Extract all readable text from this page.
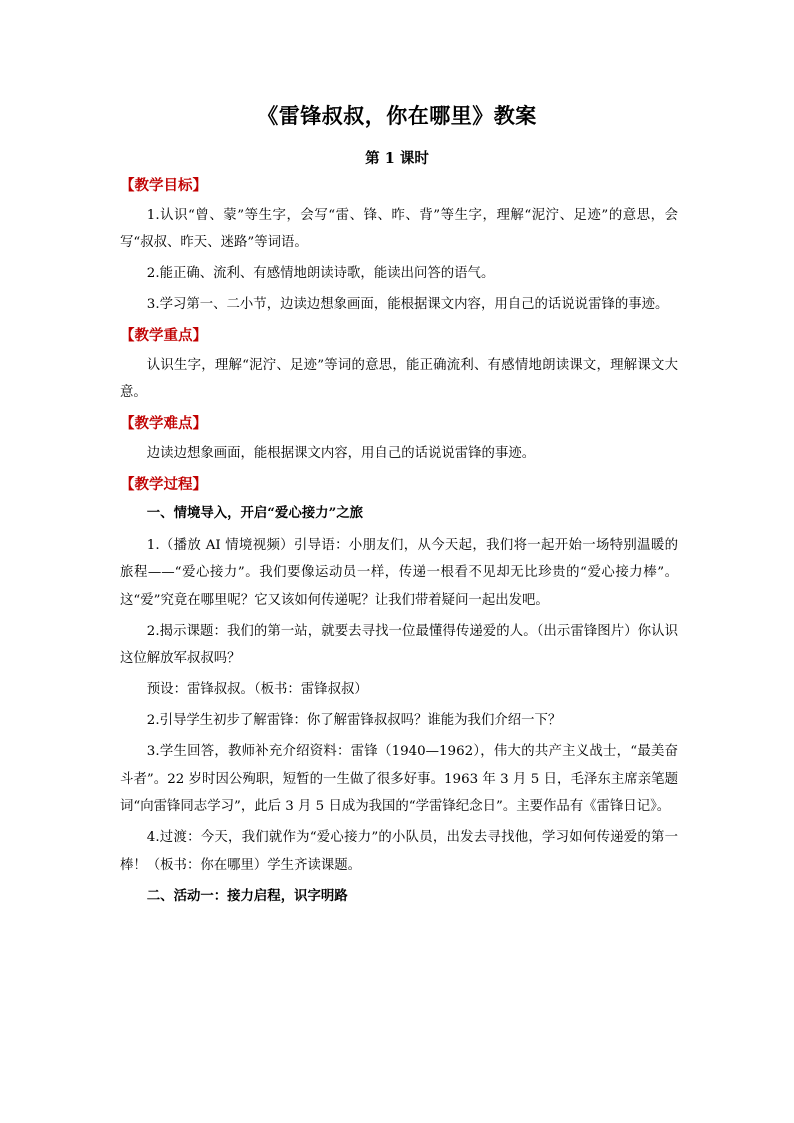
《雷锋叔叔，你在哪里》教案
第 1 课时

【教学目标】

1.认识“曾、蒙”等生字，会写“雷、锋、昨、背”等生字，理解“泥泞、足迹”的意思，会写“叔叔、昨天、迷路”等词语。

2.能正确、流利、有感情地朗读诗歌，能读出问答的语气。

3.学习第一、二小节，边读边想象画面，能根据课文内容，用自己的话说说雷锋的事迹。

【教学重点】

认识生字，理解“泥泞、足迹”等词的意思，能正确流利、有感情地朗读课文，理解课文大意。

【教学难点】

边读边想象画面，能根据课文内容，用自己的话说说雷锋的事迹。

【教学过程】

一、情境导入，开启“爱心接力”之旅

1.（播放 AI 情境视频）引导语：小朋友们，从今天起，我们将一起开始一场特别温暖的旅程——“爱心接力”。我们要像运动员一样，传递一根看不见却无比珍贵的“爱心接力棒”。这“爱”究竟在哪里呢？它又该如何传递呢？让我们带着疑问一起出发吧。

2.揭示课题：我们的第一站，就要去寻找一位最懂得传递爱的人。（出示雷锋图片）你认识这位解放军叔叔吗？

预设：雷锋叔叔。（板书：雷锋叔叔）

2.引导学生初步了解雷锋：你了解雷锋叔叔吗？谁能为我们介绍一下？

3.学生回答，教师补充介绍资料：雷锋（1940—1962），伟大的共产主义战士，“最美奋斗者”。22 岁时因公殉职，短暂的一生做了很多好事。1963 年 3 月 5 日，毛泽东主席亲笔题词“向雷锋同志学习”，此后 3 月 5 日成为我国的“学雷锋纪念日”。主要作品有《雷锋日记》。

4.过渡：今天，我们就作为“爱心接力”的小队员，出发去寻找他，学习如何传递爱的第一棒！（板书：你在哪里）学生齐读课题。

二、活动一：接力启程，识字明路
